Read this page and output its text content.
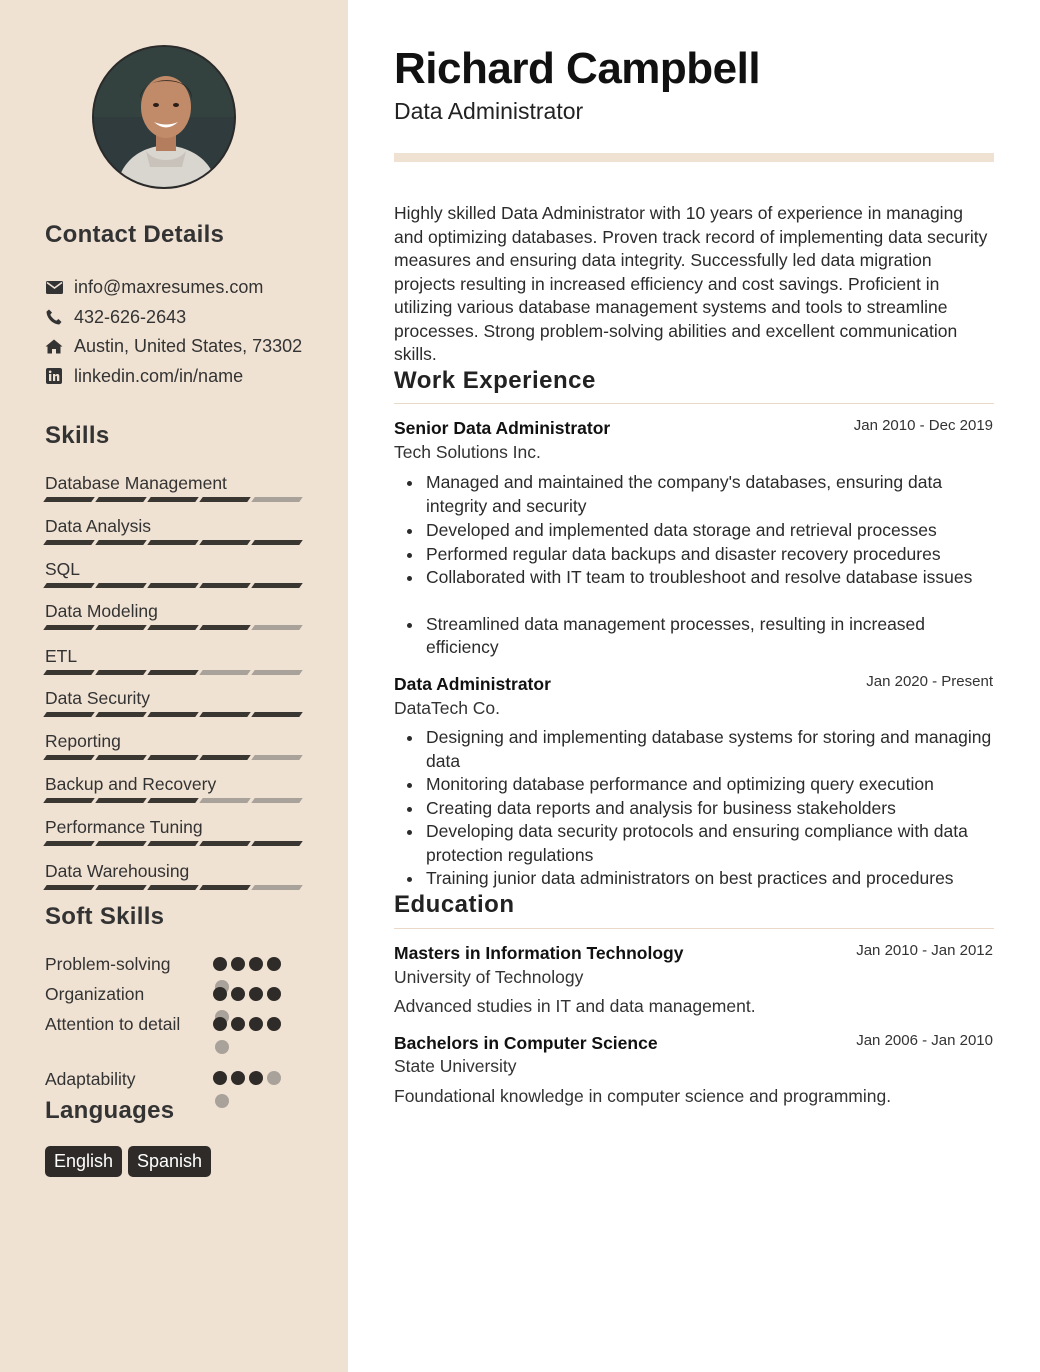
Contact Details
info@maxresumes.com
432-626-2643
Austin, United States, 73302
linkedin.com/in/name
Skills
Database Management
Data Analysis
SQL
Data Modeling
ETL
Data Security
Reporting
Backup and Recovery
Performance Tuning
Data Warehousing
Soft Skills
Problem-solving
Organization
Attention to detail
Adaptability
Languages
English	Spanish
Richard Campbell
Data Administrator
Highly skilled Data Administrator with 10 years of experience in managing and optimizing databases. Proven track record of implementing data security measures and ensuring data integrity. Successfully led data migration projects resulting in increased efficiency and cost savings. Proficient in utilizing various database management systems and tools to streamline processes. Strong problem-solving abilities and excellent communication skills.
Work Experience
Senior Data Administrator	Jan 2010 - Dec 2019
Tech Solutions Inc.
Managed and maintained the company's databases, ensuring data integrity and security
Developed and implemented data storage and retrieval processes
Performed regular data backups and disaster recovery procedures
Collaborated with IT team to troubleshoot and resolve database issues
Streamlined data management processes, resulting in increased efficiency
Data Administrator	Jan 2020 - Present
DataTech Co.
Designing and implementing database systems for storing and managing data
Monitoring database performance and optimizing query execution
Creating data reports and analysis for business stakeholders
Developing data security protocols and ensuring compliance with data protection regulations
Training junior data administrators on best practices and procedures
Education
Masters in Information Technology	Jan 2010 - Jan 2012
University of Technology
Advanced studies in IT and data management.
Bachelors in Computer Science	Jan 2006 - Jan 2010
State University
Foundational knowledge in computer science and programming.
